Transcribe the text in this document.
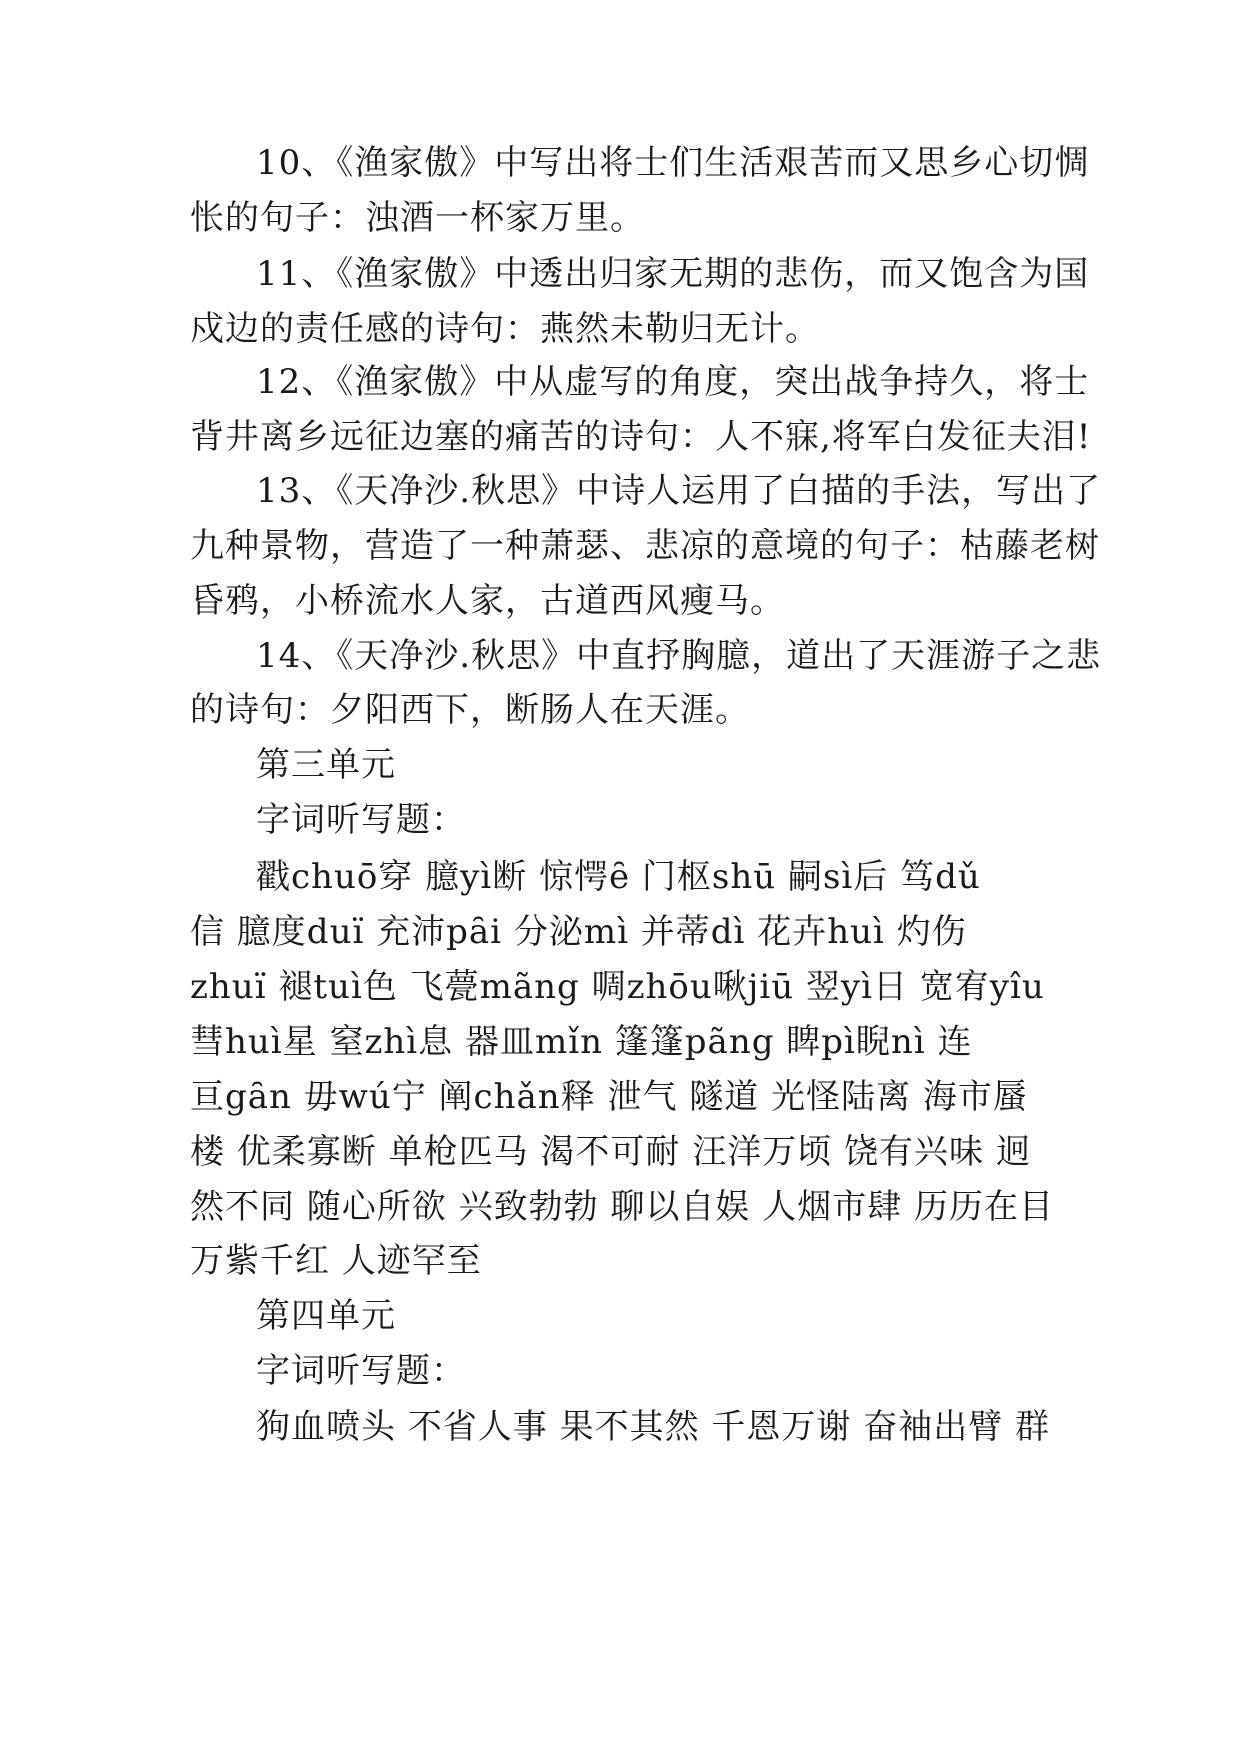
10、《渔家傲》中写出将士们生活艰苦而又思乡心切惆
怅的句子：浊酒一杯家万里。
11、《渔家傲》中透出归家无期的悲伤，而又饱含为国
戍边的责任感的诗句：燕然未勒归无计。
12、《渔家傲》中从虚写的角度，突出战争持久，将士
背井离乡远征边塞的痛苦的诗句：人不寐,将军白发征夫泪!
13、《天净沙.秋思》中诗人运用了白描的手法，写出了
九种景物，营造了一种萧瑟、悲凉的意境的句子：枯藤老树
昏鸦，小桥流水人家，古道西风瘦马。
14、《天净沙.秋思》中直抒胸臆，道出了天涯游子之悲
的诗句：夕阳西下，断肠人在天涯。
第三单元
字词听写题：
戳chuō穿 臆yì断 惊愕ȇ 门枢shū 嗣sì后 笃dǔ
信 臆度duï 充沛pȃi 分泌mì 并蒂dì 花卉huì 灼伤
zhuï 褪tuì色 飞甍mãng 啁zhōu啾jiū 翌yì日 宽宥yîu
彗huì星 窒zhì息 器皿mǐn 篷篷pãng 睥pì睨nì 连
亘gȃn 毋wú宁 阐chǎn释 泄气 隧道 光怪陆离 海市蜃
楼 优柔寡断 单枪匹马 渴不可耐 汪洋万顷 饶有兴味 迥
然不同 随心所欲 兴致勃勃 聊以自娱 人烟市肆 历历在目
万紫千红 人迹罕至
第四单元
字词听写题：
狗血喷头 不省人事 果不其然 千恩万谢 奋袖出臂 群
